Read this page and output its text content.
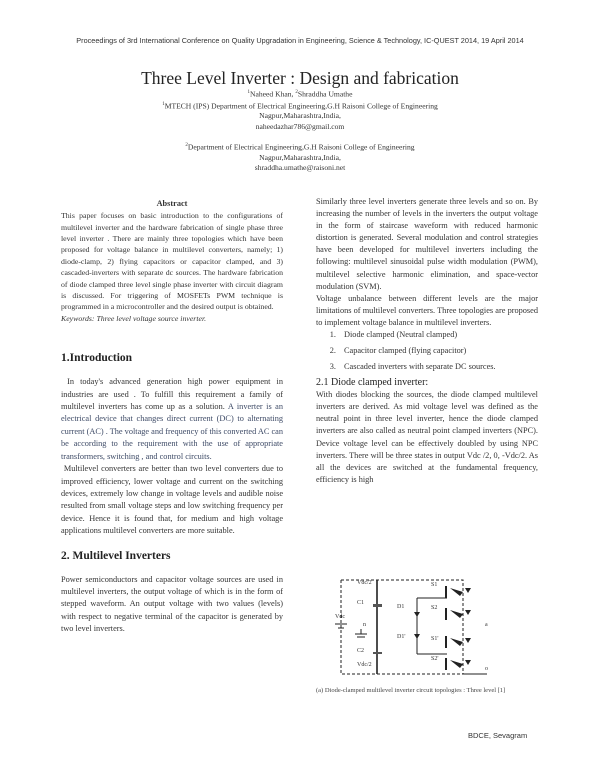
Proceedings of 3rd International Conference on Quality Upgradation in Engineering, Science & Technology, IC-QUEST 2014, 19 April 2014
Three Level Inverter : Design and fabrication
$^1$Naheed Khan, $^2$Shraddha Umathe
$^1$MTECH (IPS) Department of Electrical Engineering,G.H Raisoni College of Engineering
Nagpur,Maharashtra,India,
naheedazhar786@gmail.com
$^2$Department of Electrical Engineering,G.H Raisoni College of Engineering
Nagpur,Maharashtra,India,
shraddha.umathe@raisoni.net

Abstract

This paper focuses on basic introduction to the configurations of multilevel inverter and the hardware fabrication of single phase three level inverter . There are mainly three topologies which have been proposed for voltage balance in multilevel converters, namely; 1) diode-clamp, 2) flying capacitors or capacitor clamped, and 3) cascaded-inverters with separate dc sources. The hardware fabrication of diode clamped three level single phase inverter with circuit diagram is discussed. For triggering of MOSFETs PWM technique is programmed in a microcontroller and the desired output is obtained.

Keywords: Three level voltage source inverter.

1.Introduction

In today's advanced generation high power equipment in industries are used . To fulfill this requirement a family of multilevel inverters has come up as a solution. A inverter is an electrical device that changes direct current (DC) to alternating current (AC) . The voltage and frequency of this converted AC can be according to the requirement with the use of appropriate transformers, switching , and control circuits.
Multilevel converters are better than two level converters due to improved efficiency, lower voltage and current on the switching devices, extremely low change in voltage levels and audible noise resulted from small voltage steps and low switching frequency per device. Hence it is found that, for medium and high voltage applications multilevel converters are more suitable.

2. Multilevel Inverters

Power semiconductors and capacitor voltage sources are used in multilevel inverters, the output voltage of which is in the form of stepped waveform. An output voltage with two values (levels) with respect to negative terminal of the capacitor is generated by two level inverters.

Similarly three level inverters generate three levels and so on. By increasing the number of levels in the inverters the output voltage in the form of staircase waveform with reduced harmonic distortion is generated. Several modulation and control strategies have been developed for multilevel inverters including the following: multilevel sinusoidal pulse width modulation (PWM), multilevel selective harmonic elimination, and space-vector modulation (SVM).

Voltage unbalance between different levels are the major limitations of multilevel converters. Three topologies are proposed to implement voltage balance in multilevel inverters.

1. Diode clamped (Neutral clamped)
2. Capacitor clamped (flying capacitor)
3. Cascaded inverters with separate DC sources.
2.1 Diode clamped inverter:

With diodes blocking the sources, the diode clamped multilevel inverters are derived. As mid voltage level was defined as the neutral point in three level inverter, hence the diode clamped inverters are also called as neutral point clamped inverters (NPC). Device voltage level can be effectively doubled by using NPC inverters. There will be three states in output Vdc /2, 0, -Vdc/2. As all the devices are switched at the fundamental frequency, efficiency is high

Vdc/2
C1
Vdc
n
C2
Vdc/2
D1
D1'
S1
S2
S1'
S2'
a
o
(a) Diode-clamped multilevel inverter circuit topologies : Three level [1]
BDCE, Sevagram
